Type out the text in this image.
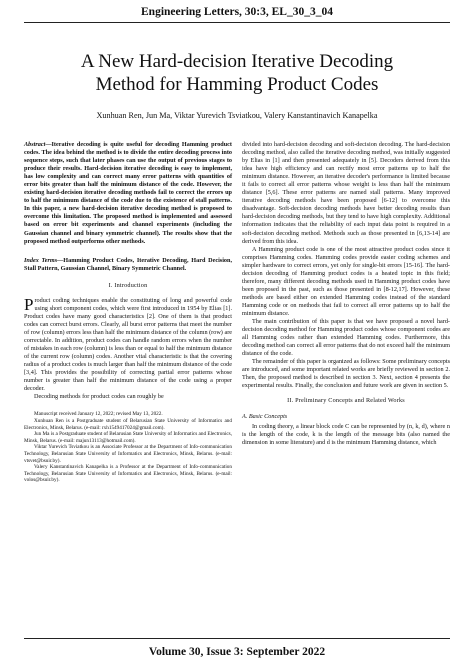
Engineering Letters, 30:3, EL_30_3_04
A New Hard-decision Iterative Decoding
Method for Hamming Product Codes
Xunhuan Ren, Jun Ma, Viktar Yurevich Tsviatkou, Valery Kanstantinavich Kanapelka

Abstract—Iterative decoding is quite useful for decoding Hamming product codes. The idea behind the method is to divide the entire decoding process into sequence steps, such that later phases can use the output of previous stages to produce their results. Hard-decision iterative decoding is easy to implement, has low complexity and can correct many error patterns with quantities of error bits greater than half the minimum distance of the code. However, the existing hard-decision iterative decoding methods fail to correct the errors up to half the minimum distance of the code due to the existence of stall patterns. In this paper, a new hard-decision iterative decoding method is proposed to overcome this limitation. The proposed method is implemented and assessed based on error bit experiments and channel experiments (including the Gaussian channel and binary symmetric channel). The results show that the proposed method outperforms other methods.

Index Terms—Hamming Product Codes, Iterative Decoding, Hard Decision, Stall Pattern, Gaussian Channel, Binary Symmetric Channel.

I. Introduction

Product coding techniques enable the constituting of long and powerful code using short component codes, which were first introduced in 1954 by Elias [1]. Product codes have many good characteristics [2]. One of them is that product codes can correct burst errors. Clearly, all burst error patterns that meet the number of row (column) errors less than half the minimum distance of the column (row) are correctable. In addition, product codes can handle random errors when the number of mistakes in each row (column) is less than or equal to half the minimum distance of the current row (column) codes. Another vital characteristic is that the covering radius of a product codes is much larger than half the minimum distance of the code [3,4]. This provides the possibility of correcting partial error patterns whose number is greater than half the minimum distance of the code using a proper decoder.

Decoding methods for product codes can roughly be

Manuscript received January 12, 2022; revised May 13, 2022.

Xunhuan Ren is a Postgraduate student of Belarusian State University of Informatics and Electronics, Minsk, Belarus. (e-mail: rxh1549417024@gmail.com).

Jun Ma is a Postgraduate student of Belarusian State University of Informatics and Electronics, Minsk, Belarus. (e-mail: majun13113@hotmail.com).

Viktar Yurevich Tsviatkou is an Associate Professor at the Department of Info-communication Technology, Belarusian State University of Informatics and Electronics, Minsk, Belarus. (e-mail: vtsvet@bsuir.by).

Valery Kanstantinavich Kanapelka is a Professor at the Department of Info-communication Technology, Belarusian State University of Informatics and Electronics, Minsk, Belarus. (e-mail: volos@bsuir.by).

divided into hard-decision decoding and soft-decision decoding. The hard-decision decoding method, also called the iterative decoding method, was initially suggested by Elias in [1] and then presented adequately in [5]. Decoders derived from this idea have high efficiency and can rectify most error patterns up to half the minimum distance. However, an iterative decoder's performance is limited because it fails to correct all error patterns whose weight is less than half the minimum distance [5,6]. These error patterns are named stall patterns. Many improved iterative decoding methods have been proposed [6-12] to overcome this disadvantage. Soft-decision decoding methods have better decoding results than hard-decision decoding methods, but they tend to have high complexity. Additional information indicates that the reliability of each input data point is required in a soft-decision decoding method. Methods such as those presented in [6,13-14] are derived from this idea.

A Hamming product code is one of the most attractive product codes since it comprises Hamming codes. Hamming codes provide easier coding schemes and simpler hardware to correct errors, yet only for single-bit errors [15-16]. The hard-decision decoding of Hamming product codes is a heated topic in this field; therefore, many different decoding methods used in Hamming product codes have been proposed in the past, such as those presented in [8-12,17]. However, these methods are based either on extended Hamming codes instead of the standard Hamming code or on methods that fail to correct all error patterns up to half the minimum distance.

The main contribution of this paper is that we have proposed a novel hard-decision decoding method for Hamming product codes whose component codes are all Hamming codes rather than extended Hamming codes. Furthermore, this decoding method can correct all error patterns that do not exceed half the minimum distance of the code.

The remainder of this paper is organized as follows: Some preliminary concepts are introduced, and some important related works are briefly reviewed in section 2. Then, the proposed method is described in section 3. Next, section 4 presents the experimental results. Finally, the conclusion and future work are given in section 5.

II. Preliminary Concepts and Related Works

A. Basic Concepts

In coding theory, a linear block code C can be represented by (n, k, d), where n is the length of the code, k is the length of the message bits (also named the dimension in some literature) and d is the minimum Hamming distance, which

Volume 30, Issue 3: September 2022
